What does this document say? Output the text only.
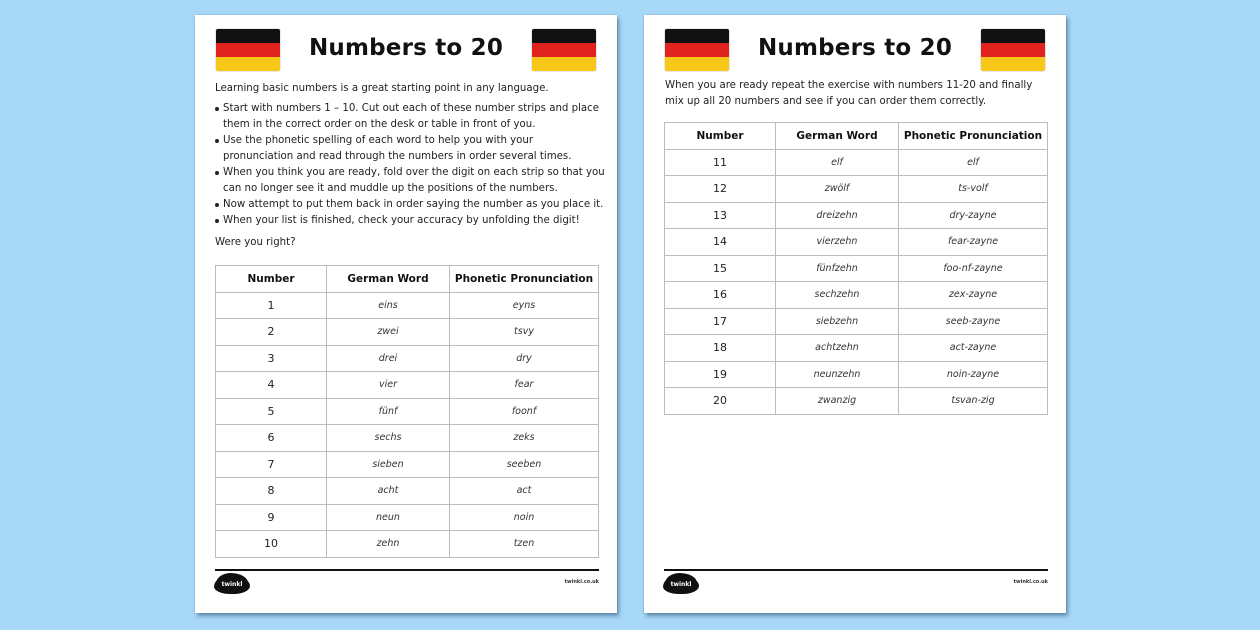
Numbers to 20

Learning basic numbers is a great starting point in any language.

Start with numbers 1 – 10. Cut out each of these number strips and place them in the correct order on the desk or table in front of you.
Use the phonetic spelling of each word to help you with your pronunciation and read through the numbers in order several times.
When you think you are ready, fold over the digit on each strip so that you can no longer see it and muddle up the positions of the numbers.
Now attempt to put them back in order saying the number as you place it.
When your list is finished, check your accuracy by unfolding the digit!

Were you right?

Number	German Word	Phonetic Pronunciation
1	eins	eyns
2	zwei	tsvy
3	drei	dry
4	vier	fear
5	fünf	foonf
6	sechs	zeks
7	sieben	seeben
8	acht	act
9	neun	noin
10	zehn	tzen
twinkl	twinkl.co.uk
Numbers to 20
When you are ready repeat the exercise with numbers 11-20 and finally mix up all 20 numbers and see if you can order them correctly.
Number	German Word	Phonetic Pronunciation
11	elf	elf
12	zwölf	ts-volf
13	dreizehn	dry-zayne
14	vierzehn	fear-zayne
15	fünfzehn	foo-nf-zayne
16	sechzehn	zex-zayne
17	siebzehn	seeb-zayne
18	achtzehn	act-zayne
19	neunzehn	noin-zayne
20	zwanzig	tsvan-zig
twinkl	twinkl.co.uk
